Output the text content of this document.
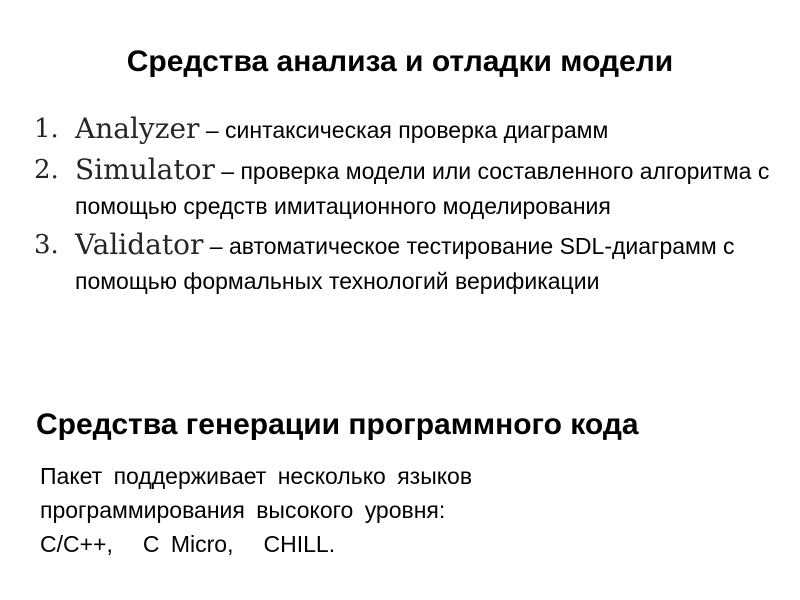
Средства анализа и отладки модели
1. Analyzer – синтаксическая проверка диаграмм
2. Simulator – проверка модели или составленного алгоритма с помощью средств имитационного моделирования
3. Validator – автоматическое тестирование SDL-диаграмм с помощью формальных технологий верификации
Средства генерации программного кода
Пакет поддерживает несколько языков
программирования высокого уровня:
C/C++, C Micro, CHILL.
